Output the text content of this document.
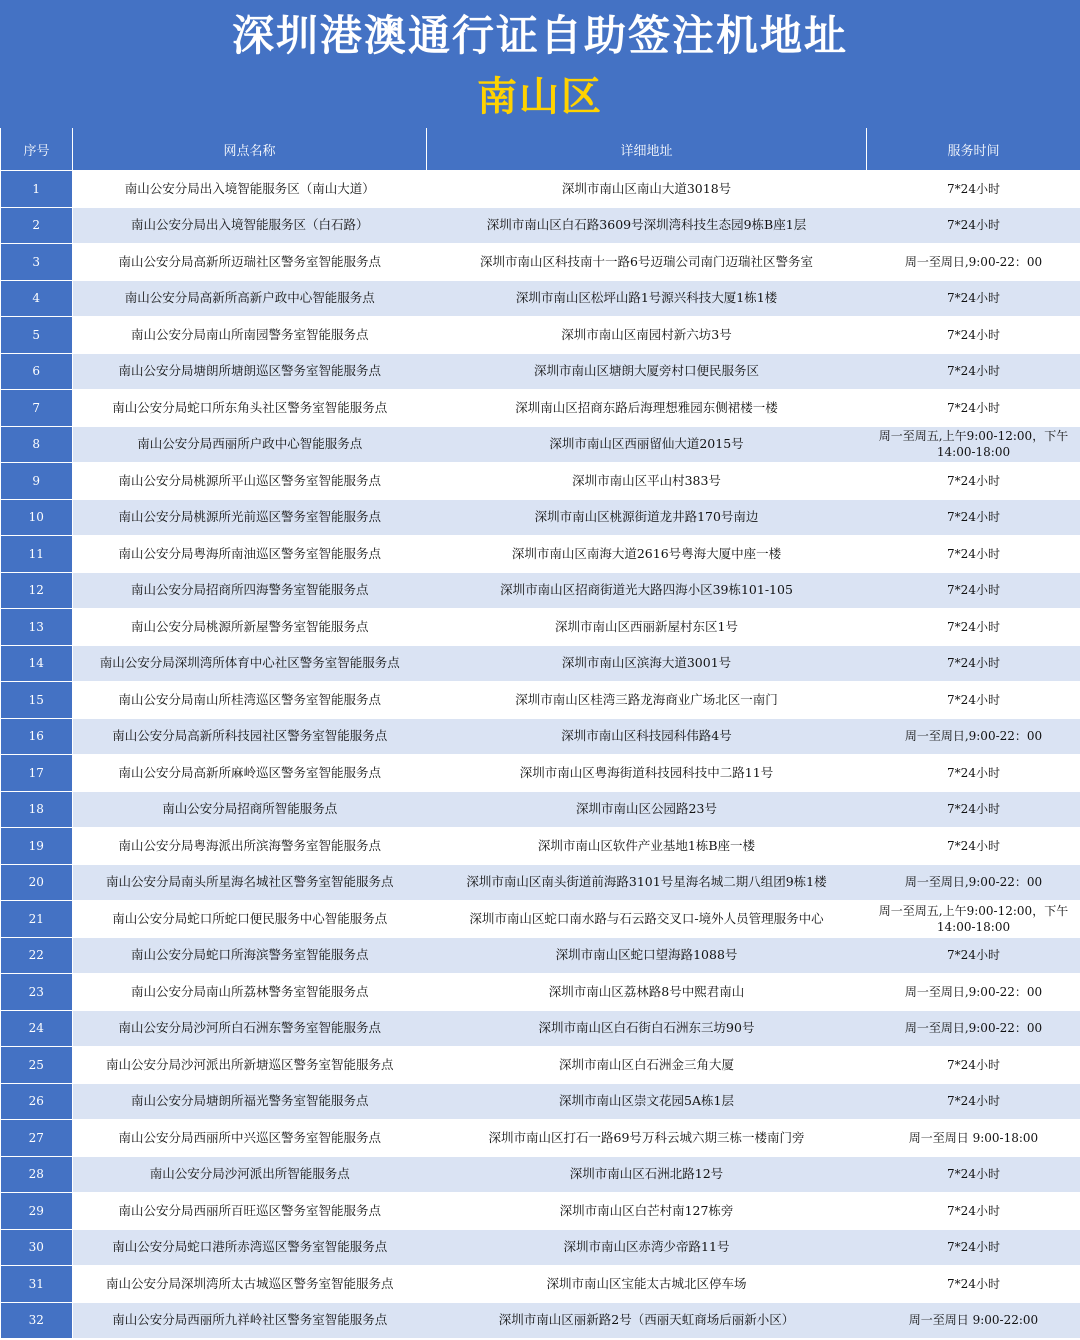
深圳港澳通行证自助签注机地址
南山区
序号	网点名称	详细地址	服务时间
1	南山公安分局出入境智能服务区（南山大道）	深圳市南山区南山大道3018号	7*24小时
2	南山公安分局出入境智能服务区（白石路）	深圳市南山区白石路3609号深圳湾科技生态园9栋B座1层	7*24小时
3	南山公安分局高新所迈瑞社区警务室智能服务点	深圳市南山区科技南十一路6号迈瑞公司南门迈瑞社区警务室	周一至周日,9:00-22：00
4	南山公安分局高新所高新户政中心智能服务点	深圳市南山区松坪山路1号源兴科技大厦1栋1楼	7*24小时
5	南山公安分局南山所南园警务室智能服务点	深圳市南山区南园村新六坊3号	7*24小时
6	南山公安分局塘朗所塘朗巡区警务室智能服务点	深圳市南山区塘朗大厦旁村口便民服务区	7*24小时
7	南山公安分局蛇口所东角头社区警务室智能服务点	深圳南山区招商东路后海理想雅园东侧裙楼一楼	7*24小时
8	南山公安分局西丽所户政中心智能服务点	深圳市南山区西丽留仙大道2015号	周一至周五,上午9:00-12:00，下午14:00-18:00
9	南山公安分局桃源所平山巡区警务室智能服务点	深圳市南山区平山村383号	7*24小时
10	南山公安分局桃源所光前巡区警务室智能服务点	深圳市南山区桃源街道龙井路170号南边	7*24小时
11	南山公安分局粤海所南油巡区警务室智能服务点	深圳市南山区南海大道2616号粤海大厦中座一楼	7*24小时
12	南山公安分局招商所四海警务室智能服务点	深圳市南山区招商街道光大路四海小区39栋101-105	7*24小时
13	南山公安分局桃源所新屋警务室智能服务点	深圳市南山区西丽新屋村东区1号	7*24小时
14	南山公安分局深圳湾所体育中心社区警务室智能服务点	深圳市南山区滨海大道3001号	7*24小时
15	南山公安分局南山所桂湾巡区警务室智能服务点	深圳市南山区桂湾三路龙海商业广场北区一南门	7*24小时
16	南山公安分局高新所科技园社区警务室智能服务点	深圳市南山区科技园科伟路4号	周一至周日,9:00-22：00
17	南山公安分局高新所麻岭巡区警务室智能服务点	深圳市南山区粤海街道科技园科技中二路11号	7*24小时
18	南山公安分局招商所智能服务点	深圳市南山区公园路23号	7*24小时
19	南山公安分局粤海派出所滨海警务室智能服务点	深圳市南山区软件产业基地1栋B座一楼	7*24小时
20	南山公安分局南头所星海名城社区警务室智能服务点	深圳市南山区南头街道前海路3101号星海名城二期八组团9栋1楼	周一至周日,9:00-22：00
21	南山公安分局蛇口所蛇口便民服务中心智能服务点	深圳市南山区蛇口南水路与石云路交叉口-境外人员管理服务中心	周一至周五,上午9:00-12:00，下午14:00-18:00
22	南山公安分局蛇口所海滨警务室智能服务点	深圳市南山区蛇口望海路1088号	7*24小时
23	南山公安分局南山所荔林警务室智能服务点	深圳市南山区荔林路8号中熙君南山	周一至周日,9:00-22：00
24	南山公安分局沙河所白石洲东警务室智能服务点	深圳市南山区白石街白石洲东三坊90号	周一至周日,9:00-22：00
25	南山公安分局沙河派出所新塘巡区警务室智能服务点	深圳市南山区白石洲金三角大厦	7*24小时
26	南山公安分局塘朗所福光警务室智能服务点	深圳市南山区崇文花园5A栋1层	7*24小时
27	南山公安分局西丽所中兴巡区警务室智能服务点	深圳市南山区打石一路69号万科云城六期三栋一楼南门旁	周一至周日 9:00-18:00
28	南山公安分局沙河派出所智能服务点	深圳市南山区石洲北路12号	7*24小时
29	南山公安分局西丽所百旺巡区警务室智能服务点	深圳市南山区白芒村南127栋旁	7*24小时
30	南山公安分局蛇口港所赤湾巡区警务室智能服务点	深圳市南山区赤湾少帝路11号	7*24小时
31	南山公安分局深圳湾所太古城巡区警务室智能服务点	深圳市南山区宝能太古城北区停车场	7*24小时
32	南山公安分局西丽所九祥岭社区警务室智能服务点	深圳市南山区丽新路2号（西丽天虹商场后丽新小区）	周一至周日 9:00-22:00
